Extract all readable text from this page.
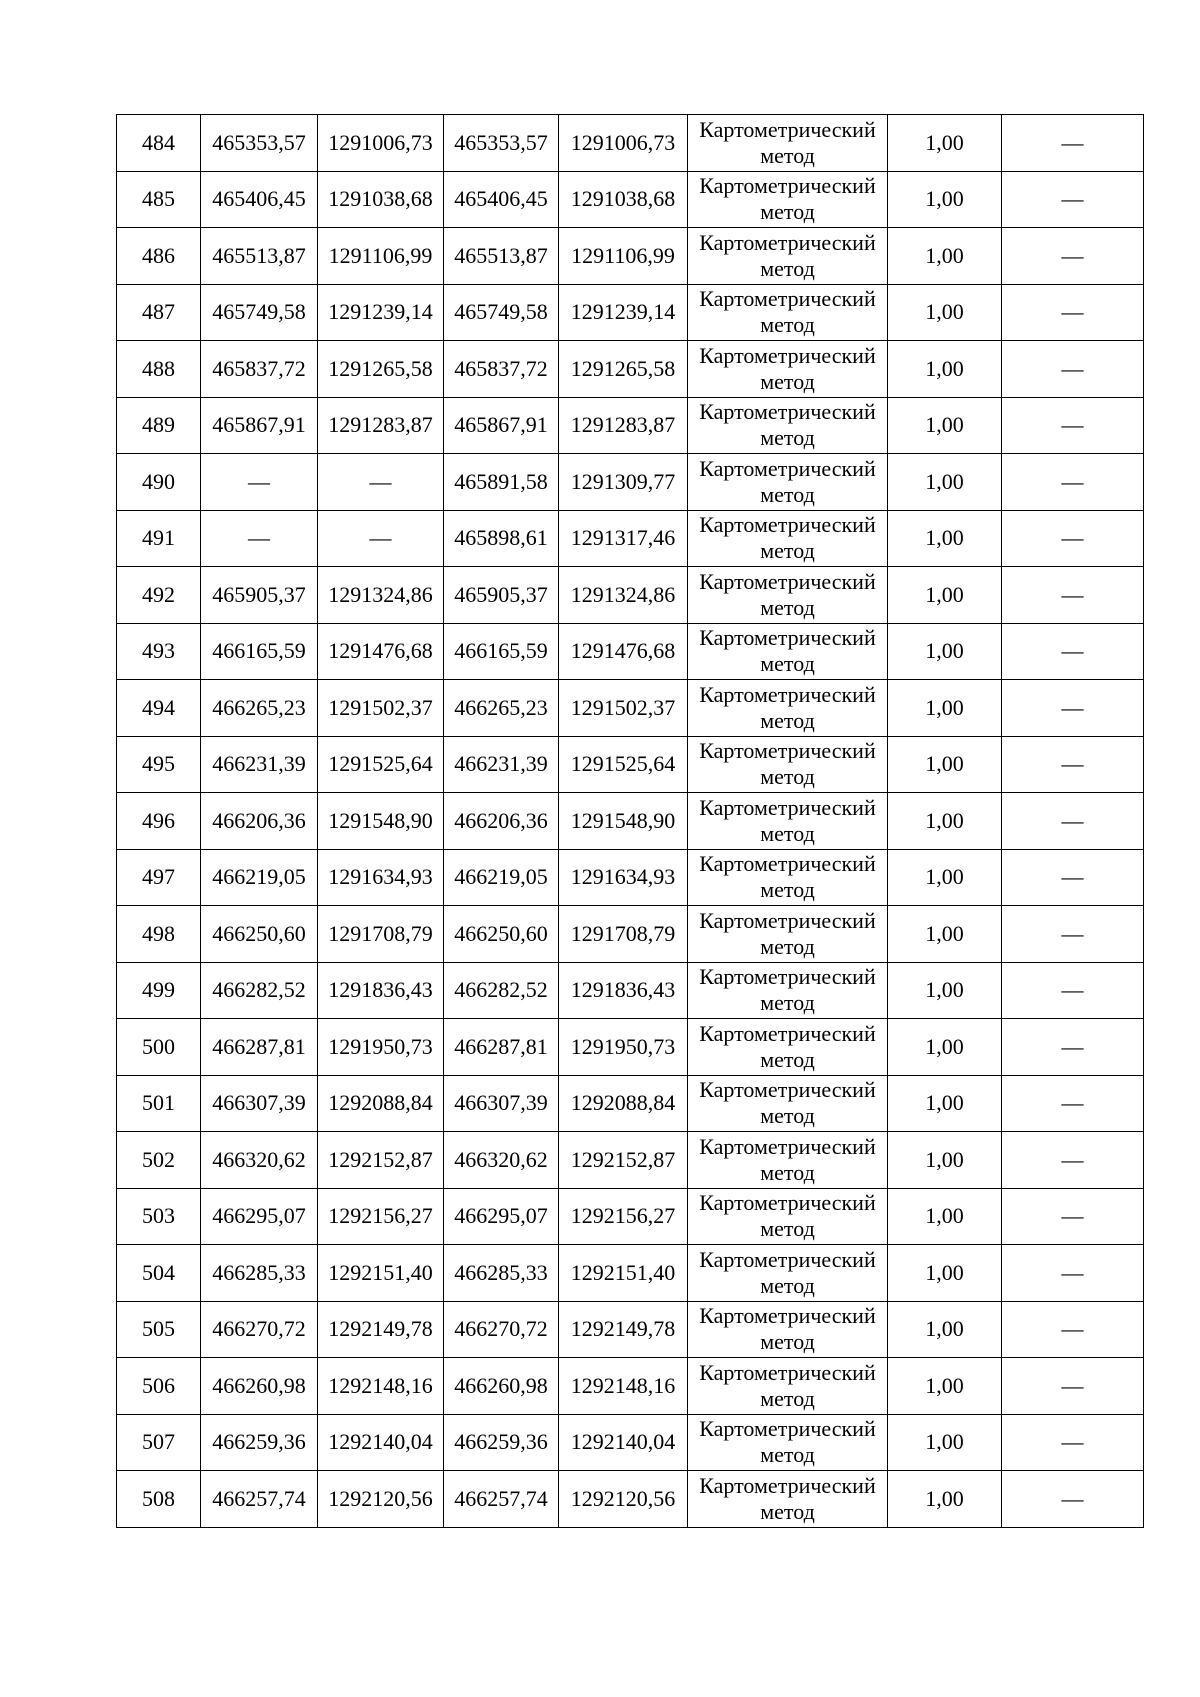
484	465353,57	1291006,73	465353,57	1291006,73	Картометрический
метод	1,00	—
485	465406,45	1291038,68	465406,45	1291038,68	Картометрический
метод	1,00	—
486	465513,87	1291106,99	465513,87	1291106,99	Картометрический
метод	1,00	—
487	465749,58	1291239,14	465749,58	1291239,14	Картометрический
метод	1,00	—
488	465837,72	1291265,58	465837,72	1291265,58	Картометрический
метод	1,00	—
489	465867,91	1291283,87	465867,91	1291283,87	Картометрический
метод	1,00	—
490	—	—	465891,58	1291309,77	Картометрический
метод	1,00	—
491	—	—	465898,61	1291317,46	Картометрический
метод	1,00	—
492	465905,37	1291324,86	465905,37	1291324,86	Картометрический
метод	1,00	—
493	466165,59	1291476,68	466165,59	1291476,68	Картометрический
метод	1,00	—
494	466265,23	1291502,37	466265,23	1291502,37	Картометрический
метод	1,00	—
495	466231,39	1291525,64	466231,39	1291525,64	Картометрический
метод	1,00	—
496	466206,36	1291548,90	466206,36	1291548,90	Картометрический
метод	1,00	—
497	466219,05	1291634,93	466219,05	1291634,93	Картометрический
метод	1,00	—
498	466250,60	1291708,79	466250,60	1291708,79	Картометрический
метод	1,00	—
499	466282,52	1291836,43	466282,52	1291836,43	Картометрический
метод	1,00	—
500	466287,81	1291950,73	466287,81	1291950,73	Картометрический
метод	1,00	—
501	466307,39	1292088,84	466307,39	1292088,84	Картометрический
метод	1,00	—
502	466320,62	1292152,87	466320,62	1292152,87	Картометрический
метод	1,00	—
503	466295,07	1292156,27	466295,07	1292156,27	Картометрический
метод	1,00	—
504	466285,33	1292151,40	466285,33	1292151,40	Картометрический
метод	1,00	—
505	466270,72	1292149,78	466270,72	1292149,78	Картометрический
метод	1,00	—
506	466260,98	1292148,16	466260,98	1292148,16	Картометрический
метод	1,00	—
507	466259,36	1292140,04	466259,36	1292140,04	Картометрический
метод	1,00	—
508	466257,74	1292120,56	466257,74	1292120,56	Картометрический
метод	1,00	—
